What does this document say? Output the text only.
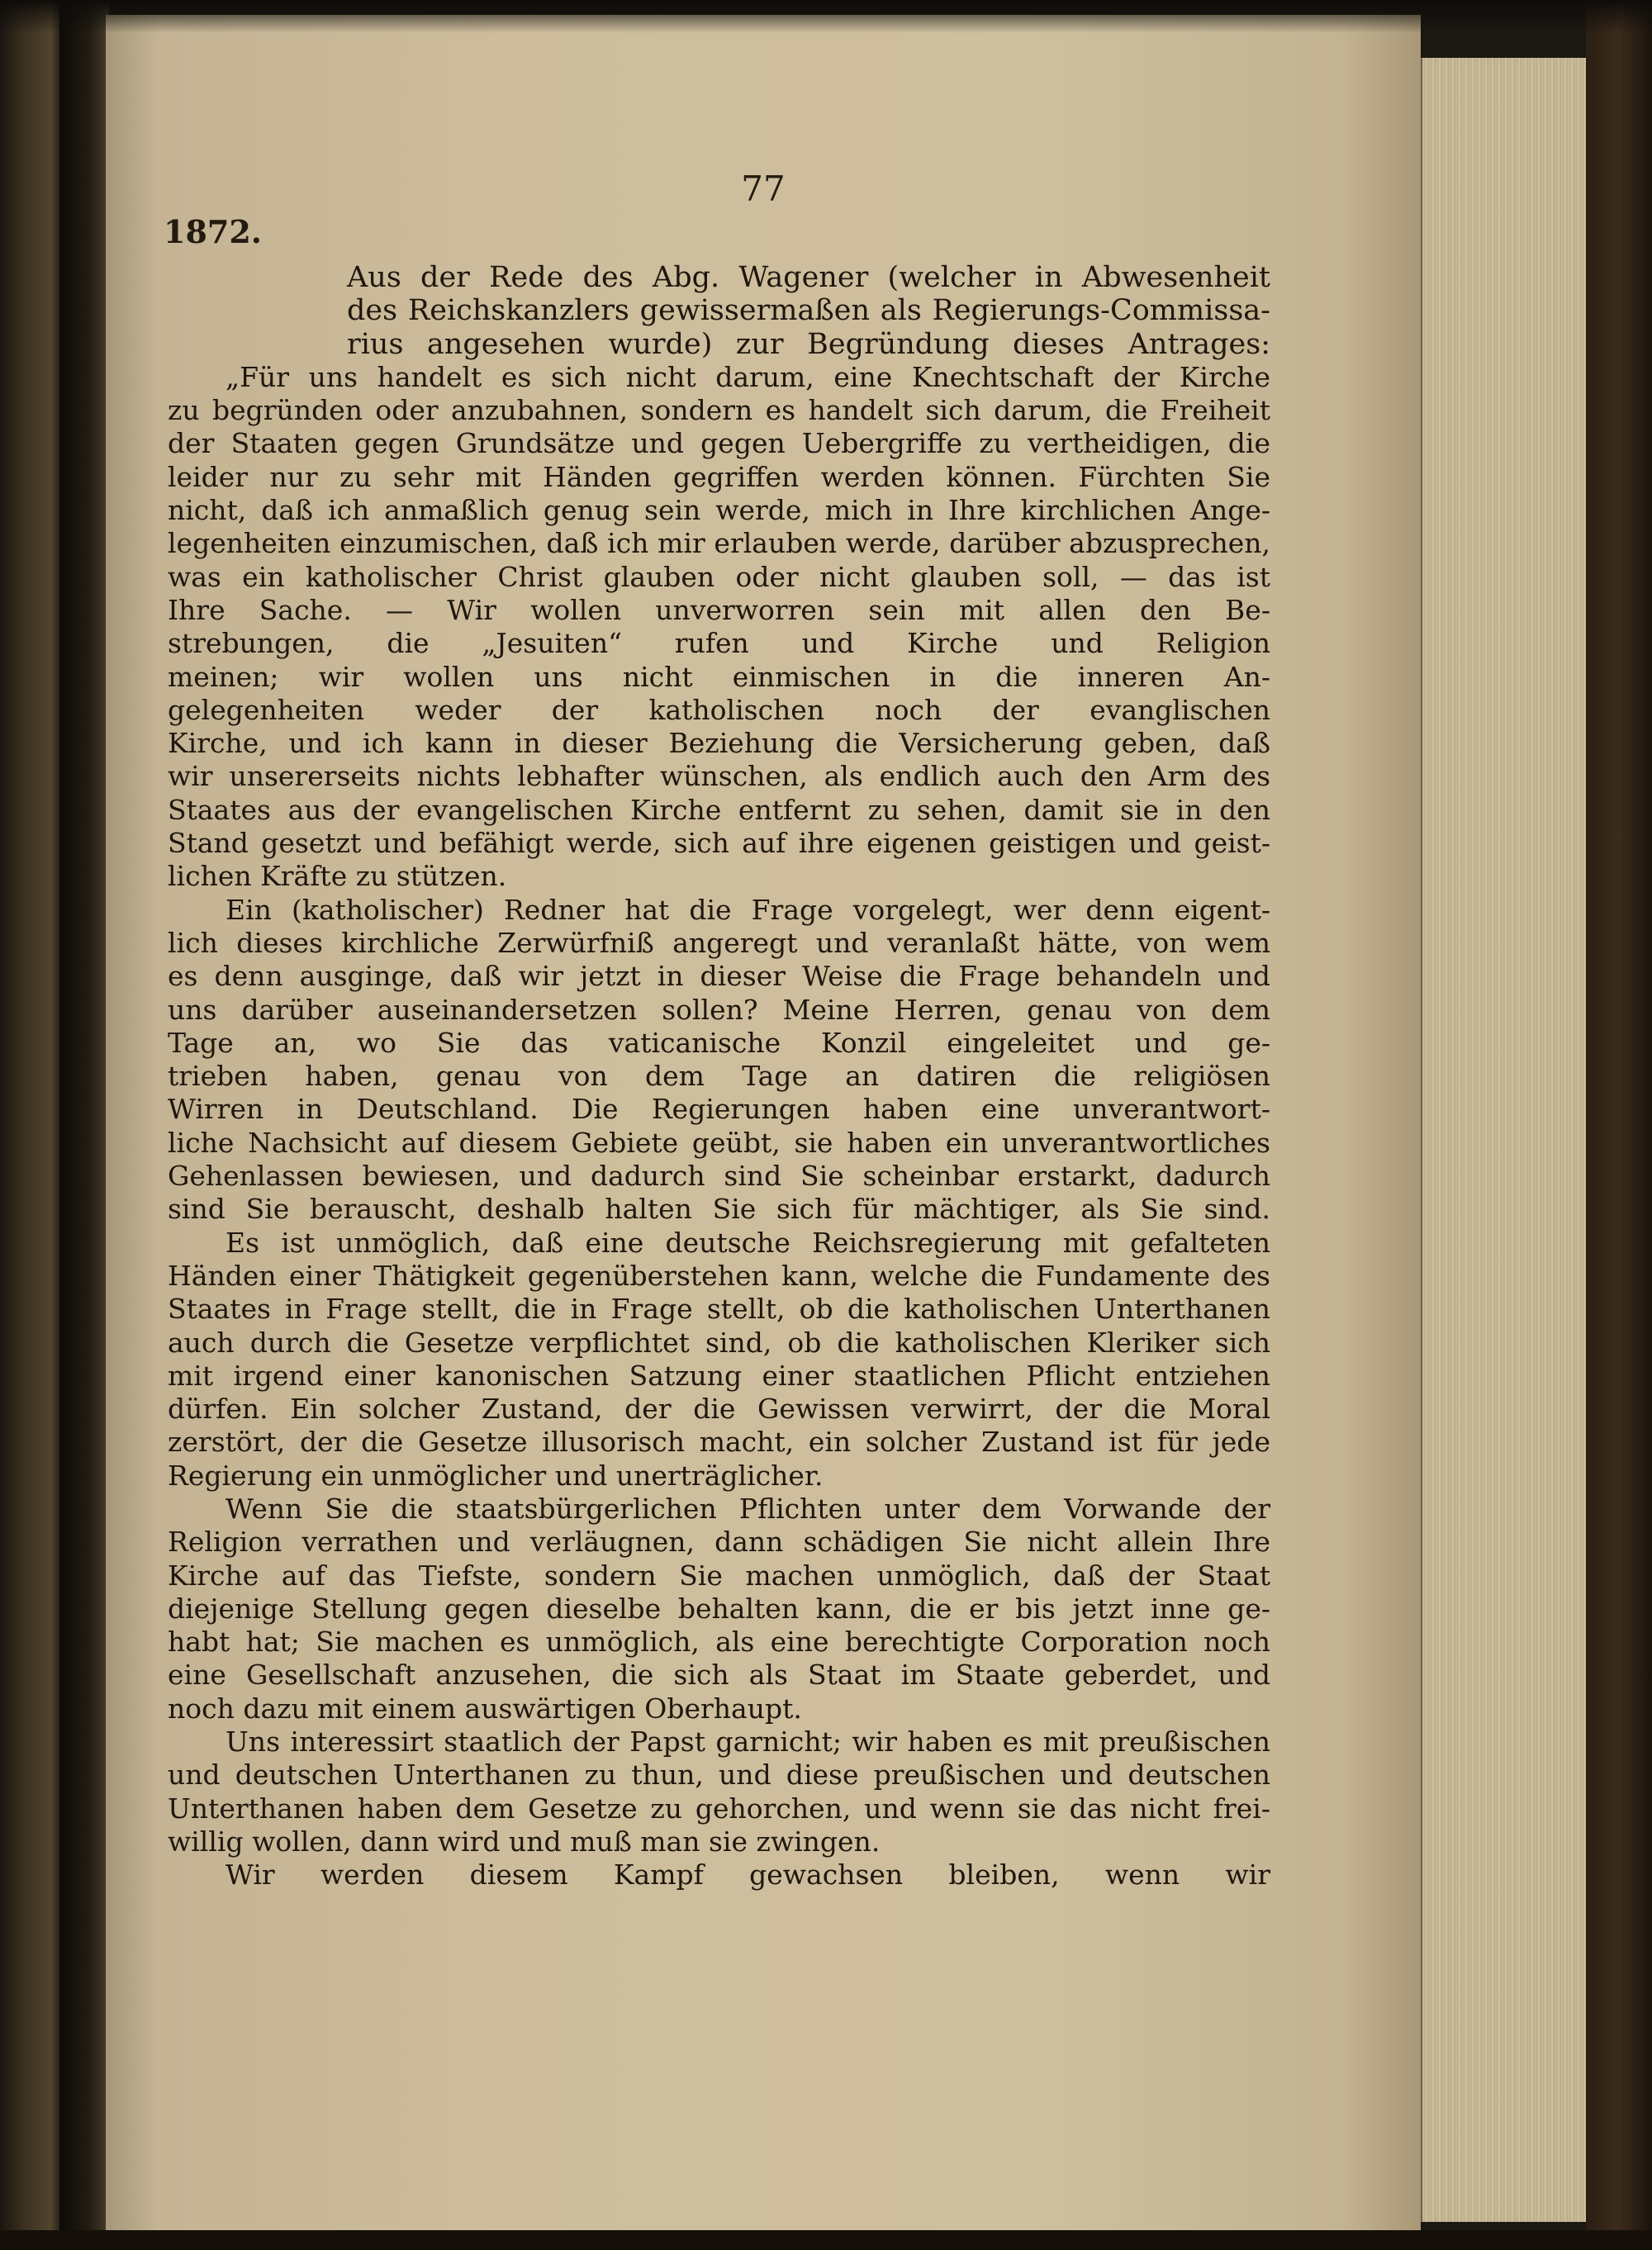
77
1872.
Aus der Rede des Abg. Wagener (welcher in Abwesenheit
des Reichskanzlers gewissermaßen als Regierungs-Commissa-
rius angesehen wurde) zur Begründung dieses Antrages:
„Für uns handelt es sich nicht darum, eine Knechtschaft der Kirche
zu begründen oder anzubahnen, sondern es handelt sich darum, die Freiheit
der Staaten gegen Grundsätze und gegen Uebergriffe zu vertheidigen, die
leider nur zu sehr mit Händen gegriffen werden können. Fürchten Sie
nicht, daß ich anmaßlich genug sein werde, mich in Ihre kirchlichen Ange-
legenheiten einzumischen, daß ich mir erlauben werde, darüber abzusprechen,
was ein katholischer Christ glauben oder nicht glauben soll, — das ist
Ihre Sache. — Wir wollen unverworren sein mit allen den Be-
strebungen, die „Jesuiten“ rufen und Kirche und Religion
meinen; wir wollen uns nicht einmischen in die inneren An-
gelegenheiten weder der katholischen noch der evanglischen
Kirche, und ich kann in dieser Beziehung die Versicherung geben, daß
wir unsererseits nichts lebhafter wünschen, als endlich auch den Arm des
Staates aus der evangelischen Kirche entfernt zu sehen, damit sie in den
Stand gesetzt und befähigt werde, sich auf ihre eigenen geistigen und geist-
lichen Kräfte zu stützen.
Ein (katholischer) Redner hat die Frage vorgelegt, wer denn eigent-
lich dieses kirchliche Zerwürfniß angeregt und veranlaßt hätte, von wem
es denn ausginge, daß wir jetzt in dieser Weise die Frage behandeln und
uns darüber auseinandersetzen sollen? Meine Herren, genau von dem
Tage an, wo Sie das vaticanische Konzil eingeleitet und ge-
trieben haben, genau von dem Tage an datiren die religiösen
Wirren in Deutschland. Die Regierungen haben eine unverantwort-
liche Nachsicht auf diesem Gebiete geübt, sie haben ein unverantwortliches
Gehenlassen bewiesen, und dadurch sind Sie scheinbar erstarkt, dadurch
sind Sie berauscht, deshalb halten Sie sich für mächtiger, als Sie sind.
Es ist unmöglich, daß eine deutsche Reichsregierung mit gefalteten
Händen einer Thätigkeit gegenüberstehen kann, welche die Fundamente des
Staates in Frage stellt, die in Frage stellt, ob die katholischen Unterthanen
auch durch die Gesetze verpflichtet sind, ob die katholischen Kleriker sich
mit irgend einer kanonischen Satzung einer staatlichen Pflicht entziehen
dürfen. Ein solcher Zustand, der die Gewissen verwirrt, der die Moral
zerstört, der die Gesetze illusorisch macht, ein solcher Zustand ist für jede
Regierung ein unmöglicher und unerträglicher.
Wenn Sie die staatsbürgerlichen Pflichten unter dem Vorwande der
Religion verrathen und verläugnen, dann schädigen Sie nicht allein Ihre
Kirche auf das Tiefste, sondern Sie machen unmöglich, daß der Staat
diejenige Stellung gegen dieselbe behalten kann, die er bis jetzt inne ge-
habt hat; Sie machen es unmöglich, als eine berechtigte Corporation noch
eine Gesellschaft anzusehen, die sich als Staat im Staate geberdet, und
noch dazu mit einem auswärtigen Oberhaupt.
Uns interessirt staatlich der Papst garnicht; wir haben es mit preußischen
und deutschen Unterthanen zu thun, und diese preußischen und deutschen
Unterthanen haben dem Gesetze zu gehorchen, und wenn sie das nicht frei-
willig wollen, dann wird und muß man sie zwingen.
Wir werden diesem Kampf gewachsen bleiben, wenn wir
